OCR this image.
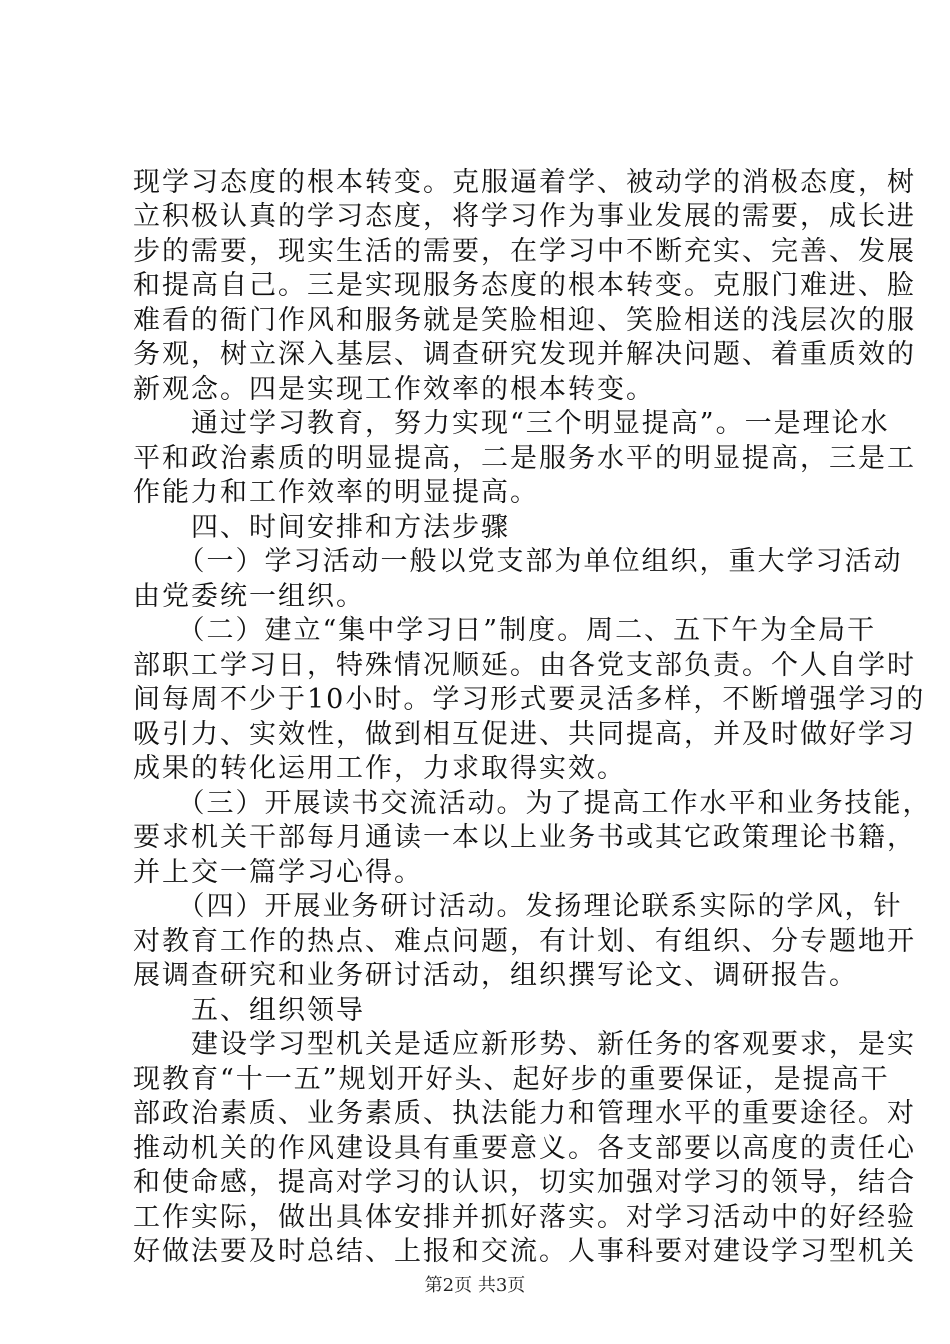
现学习态度的根本转变。克服逼着学、被动学的消极态度，树
立积极认真的学习态度，将学习作为事业发展的需要，成长进
步的需要，现实生活的需要，在学习中不断充实、完善、发展
和提高自己。三是实现服务态度的根本转变。克服门难进、脸
难看的衙门作风和服务就是笑脸相迎、笑脸相送的浅层次的服
务观，树立深入基层、调查研究发现并解决问题、着重质效的
新观念。四是实现工作效率的根本转变。
　　通过学习教育，努力实现“三个明显提高”。一是理论水
平和政治素质的明显提高，二是服务水平的明显提高，三是工
作能力和工作效率的明显提高。
　　四、时间安排和方法步骤
　　（一）学习活动一般以党支部为单位组织，重大学习活动
由党委统一组织。
　　（二）建立“集中学习日”制度。周二、五下午为全局干
部职工学习日，特殊情况顺延。由各党支部负责。个人自学时
间每周不少于10小时。学习形式要灵活多样，不断增强学习的
吸引力、实效性，做到相互促进、共同提高，并及时做好学习
成果的转化运用工作，力求取得实效。
　　（三）开展读书交流活动。为了提高工作水平和业务技能，
要求机关干部每月通读一本以上业务书或其它政策理论书籍，
并上交一篇学习心得。
　　（四）开展业务研讨活动。发扬理论联系实际的学风，针
对教育工作的热点、难点问题，有计划、有组织、分专题地开
展调查研究和业务研讨活动，组织撰写论文、调研报告。
　　五、组织领导
　　建设学习型机关是适应新形势、新任务的客观要求，是实
现教育“十一五”规划开好头、起好步的重要保证，是提高干
部政治素质、业务素质、执法能力和管理水平的重要途径。对
推动机关的作风建设具有重要意义。各支部要以高度的责任心
和使命感，提高对学习的认识，切实加强对学习的领导，结合
工作实际，做出具体安排并抓好落实。对学习活动中的好经验
好做法要及时总结、上报和交流。人事科要对建设学习型机关
第2页 共3页
